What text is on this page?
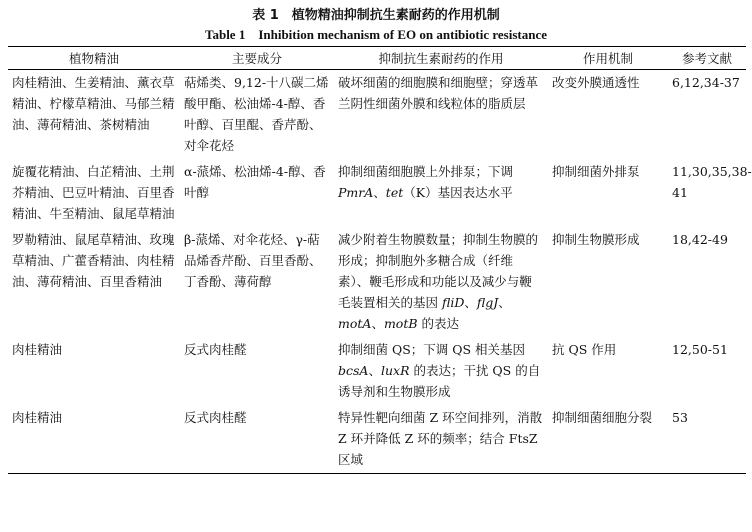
表 1　植物精油抑制抗生素耐药的作用机制
Table 1　Inhibition mechanism of EO on antibiotic resistance
植物精油	主要成分	抑制抗生素耐药的作用	作用机制	参考文献
肉桂精油、生姜精油、薰衣草精油、柠檬草精油、马郁兰精油、薄荷精油、茶树精油	萜烯类、9,12-十八碳二烯酸甲酯、松油烯-4-醇、香叶醇、百里醌、香芹酚、对伞花烃	破坏细菌的细胞膜和细胞壁；穿透革兰阴性细菌外膜和线粒体的脂质层	改变外膜通透性	6,12,34-37
旋覆花精油、白芷精油、土荆芥精油、巴豆叶精油、百里香精油、牛至精油、鼠尾草精油	α-蒎烯、松油烯-4-醇、香叶醇	抑制细菌细胞膜上外排泵；下调 PmrA、tet（K）基因表达水平	抑制细菌外排泵	11,30,35,38-41
罗勒精油、鼠尾草精油、玫瑰草精油、广藿香精油、肉桂精油、薄荷精油、百里香精油	β-蒎烯、对伞花烃、γ-萜品烯香芹酚、百里香酚、丁香酚、薄荷醇	减少附着生物膜数量；抑制生物膜的形成；抑制胞外多糖合成（纤维素）、鞭毛形成和功能以及减少与鞭毛装置相关的基因 fliD、flgJ、motA、motB 的表达	抑制生物膜形成	18,42-49
肉桂精油	反式肉桂醛	抑制细菌 QS；下调 QS 相关基因 bcsA、luxR 的表达；干扰 QS 的自诱导剂和生物膜形成	抗 QS 作用	12,50-51
肉桂精油	反式肉桂醛	特异性靶向细菌 Z 环空间排列，消散 Z 环并降低 Z 环的频率；结合 FtsZ 区域	抑制细菌细胞分裂	53
